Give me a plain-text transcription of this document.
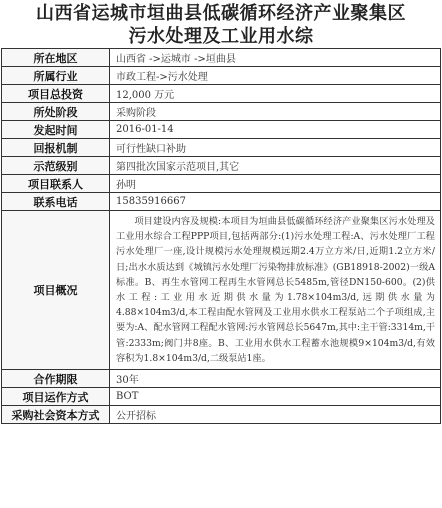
山西省运城市垣曲县低碳循环经济产业聚集区
污水处理及工业用水综
所在地区	山西省 ->运城市 ->垣曲县
所属行业	市政工程->污水处理
项目总投资	12,000 万元
所处阶段	采购阶段
发起时间	2016-01-14
回报机制	可行性缺口补助
示范级别	第四批次国家示范项目,其它
项目联系人	孙明
联系电话	15835916667
项目概况	项目建设内容及规模:本项目为垣曲县低碳循环经济产业聚集区污水处理及工业用水综合工程PPP项目,包括两部分:(1)污水处理工程:A、污水处理厂工程污水处理厂一座,设计规模污水处理规模远期2.4万立方米/日,近期1.2立方米/日;出水水质达到《城镇污水处理厂污染物排放标准》(GB18918-2002)一级A标准。B、再生水管网工程再生水管网总长5485m,管径DN150-600。(2)供水工程:工业用水近期供水量为1.78×104m3/d,远期供水量为4.88×104m3/d,本工程由配水管网及工业用水供水工程泵站二个子项组成,主要为:A、配水管网工程配水管网:污水管网总长5647m,其中:主干管:3314m,干管:2333m;阀门井8座。B、工业用水供水工程蓄水池规模9×104m3/d,有效容积为1.8×104m3/d,二级泵站1座。
合作期限	30年
项目运作方式	BOT
采购社会资本方式	公开招标
